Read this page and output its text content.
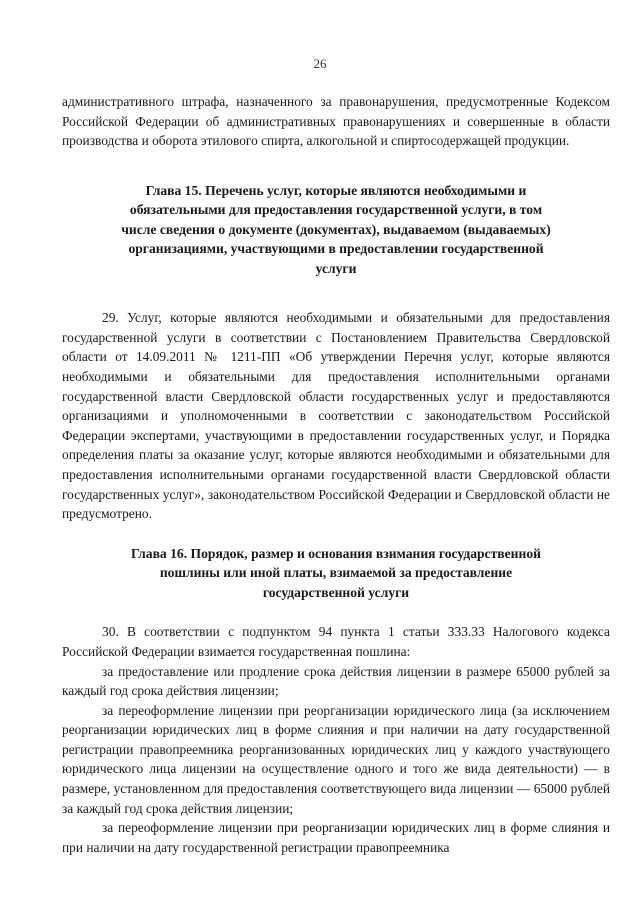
26

административного штрафа, назначенного за правонарушения, предусмотренные Кодексом Российской Федерации об административных правонарушениях и совершенные в области производства и оборота этилового спирта, алкогольной и спиртосодержащей продукции.

Глава 15. Перечень услуг, которые являются необходимыми и обязательными для предоставления государственной услуги, в том числе сведения о документе (документах), выдаваемом (выдаваемых) организациями, участвующими в предоставлении государственной услуги

29. Услуг, которые являются необходимыми и обязательными для предоставления государственной услуги в соответствии с Постановлением Правительства Свердловской области от 14.09.2011 № 1211-ПП «Об утверждении Перечня услуг, которые являются необходимыми и обязательными для предоставления исполнительными органами государственной власти Свердловской области государственных услуг и предоставляются организациями и уполномоченными в соответствии с законодательством Российской Федерации экспертами, участвующими в предоставлении государственных услуг, и Порядка определения платы за оказание услуг, которые являются необходимыми и обязательными для предоставления исполнительными органами государственной власти Свердловской области государственных услуг», законодательством Российской Федерации и Свердловской области не предусмотрено.

Глава 16. Порядок, размер и основания взимания государственной пошлины или иной платы, взимаемой за предоставление государственной услуги

30. В соответствии с подпунктом 94 пункта 1 статьи 333.33 Налогового кодекса Российской Федерации взимается государственная пошлина:

за предоставление или продление срока действия лицензии в размере 65000 рублей за каждый год срока действия лицензии;

за переоформление лицензии при реорганизации юридического лица (за исключением реорганизации юридических лиц в форме слияния и при наличии на дату государственной регистрации правопреемника реорганизованных юридических лиц у каждого участвующего юридического лица лицензии на осуществление одного и того же вида деятельности) — в размере, установленном для предоставления соответствующего вида лицензии — 65000 рублей за каждый год срока действия лицензии;

за переоформление лицензии при реорганизации юридических лиц в форме слияния и при наличии на дату государственной регистрации правопреемника
